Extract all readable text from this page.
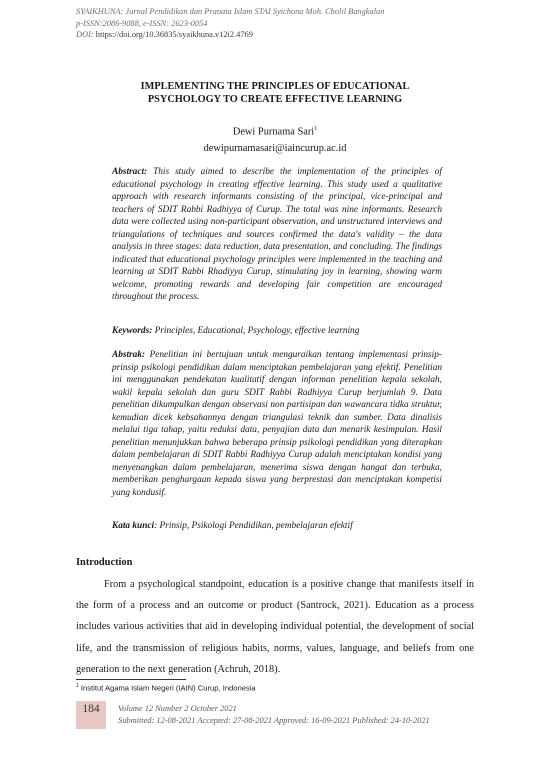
SYAIKHUNA: Jurnal Pendidikan dan Pranata Islam STAI Syichona Moh. Cholil Bangkalan
p-ISSN:2086-9088, e-ISSN: 2623-0054
DOI: https://doi.org/10.36835/syaikhuna.v12i2.4769
IMPLEMENTING THE PRINCIPLES OF EDUCATIONAL
PSYCHOLOGY TO CREATE EFFECTIVE LEARNING
Dewi Purnama Sari$^1$
dewipurnamasari@iaincurup.ac.id
Abstract: This study aimed to describe the implementation of the principles of educational psychology in creating effective learning. This study used a qualitative approach with research informants consisting of the principal, vice-principal and teachers of SDIT Rabbi Radhiyya of Curup. The total was nine informants. Research data were collected using non-participant observation, and unstructured interviews and triangulations of techniques and sources confirmed the data's validity – the data analysis in three stages: data reduction, data presentation, and concluding. The findings indicated that educational psychology principles were implemented in the teaching and learning at SDIT Rabbi Rhadiyya Curup, stimulating joy in learning, showing warm welcome, promoting rewards and developing fair competition are encouraged throughout the process.
Keywords: Principles, Educational, Psychology, effective learning
Abstrak: Penelitian ini bertujuan untuk menguraikan tentang implementasi prinsip-prinsip psikologi pendidikan dalam menciptakan pembelajaran yang efektif. Penelitian ini menggunakan pendekatan kualitatif dengan informan penelitian kepala sekolah, wakil kepala sekolah dan guru SDIT Rabbi Radhiyya Curup berjumlah 9. Data penelitian dikumpulkan dengan observasi non partisipan dan wawancara tidka struktur, kemudian dicek kebsahannya dengan triangulasi teknik dan sumber. Data dinalisis melalui tiga tahap, yaitu reduksi data, penyajian data dan menarik kesimpulan. Hasil penelitian menunjukkan bahwa beberapa prinsip psikologi pendidikan yang diterapkan dalam pembelajaran di SDIT Rabbi Radhiyya Curup adalah menciptakan kondisi yang menyenangkan dalam pembelajaran, menerima siswa dengan hangat dan terbuka, memberikan penghargaan kepada siswa yang berprestasi dan menciptakan kompetisi yang kondusif.
Kata kunci: Prinsip, Psikologi Pendidikan, pembelajaran efektif
Introduction
From a psychological standpoint, education is a positive change that manifests itself in the form of a process and an outcome or product (Santrock, 2021). Education as a process includes various activities that aid in developing individual potential, the development of social life, and the transmission of religious habits, norms, values, language, and beliefs from one generation to the next generation (Achruh, 2018).
$^1$ Institut Agama Islam Negeri (IAIN) Curup, Indonesia
184	Volume 12 Number 2 October 2021
Submitted: 12-08-2021 Accepted: 27-08-2021 Approved: 16-09-2021 Published: 24-10-2021
